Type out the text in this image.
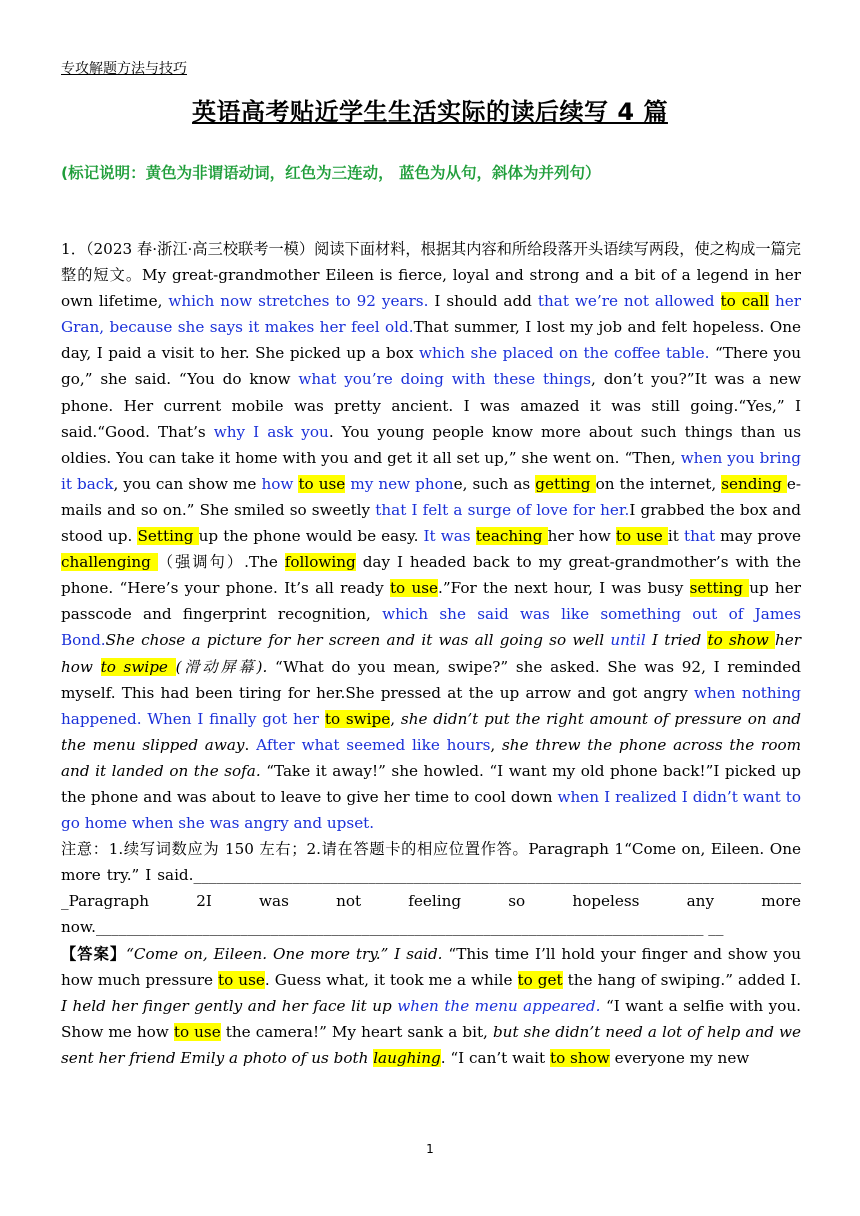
专攻解题方法与技巧
英语高考贴近学生生活实际的读后续写 4 篇
(标记说明：黄色为非谓语动词，红色为三连动， 蓝色为从句，斜体为并列句）

1．（2023 春·浙江·高三校联考一模）阅读下面材料，根据其内容和所给段落开头语续写两段，使之构成一篇完整的短文。My great-grandmother Eileen is fierce, loyal and strong and a bit of a legend in her own lifetime, which now stretches to 92 years. I should add that we’re not allowed to call her Gran, because she says it makes her feel old.That summer, I lost my job and felt hopeless. One day, I paid a visit to her. She picked up a box which she placed on the coffee table. “There you go,” she said. “You do know what you’re doing with these things, don’t you?”It was a new phone. Her current mobile was pretty ancient. I was amazed it was still going.“Yes,” I said.“Good. That’s why I ask you. You young people know more about such things than us oldies. You can take it home with you and get it all set up,” she went on. “Then, when you bring it back, you can show me how to use my new phone, such as getting on the internet, sending e-mails and so on.” She smiled so sweetly that I felt a surge of love for her.I grabbed the box and stood up. Setting up the phone would be easy. It was teaching her how to use it that may prove challenging （强调句）.The following day I headed back to my great-grandmother’s with the phone. “Here’s your phone. It’s all ready to use.”For the next hour, I was busy setting up her passcode and fingerprint recognition, which she said was like something out of James Bond.She chose a picture for her screen and it was all going so well until I tried to show her how to swipe (滑动屏幕). “What do you mean, swipe?” she asked. She was 92, I reminded myself. This had been tiring for her.She pressed at the up arrow and got angry when nothing happened. When I finally got her to swipe, she didn’t put the right amount of pressure on and the menu slipped away. After what seemed like hours, she threw the phone across the room and it landed on the sofa. “Take it away!” she howled. “I want my old phone back!”I picked up the phone and was about to leave to give her time to cool down when I realized I didn’t want to go home when she was angry and upset.

注意：1.续写词数应为 150 左右；2.请在答题卡的相应位置作答。Paragraph 1“Come on, Eileen. One more try.” I said.________________________________________________________________________________ _Paragraph 2I was not feeling so hopeless any more now.________________________________________________________________________________ __

【答案】“Come on, Eileen. One more try.” I said. “This time I’ll hold your finger and show you how much pressure to use. Guess what, it took me a while to get the hang of swiping.” added I. I held her finger gently and her face lit up when the menu appeared. “I want a selfie with you. Show me how to use the camera!” My heart sank a bit, but she didn’t need a lot of help and we sent her friend Emily a photo of us both laughing. “I can’t wait to show everyone my new

1
